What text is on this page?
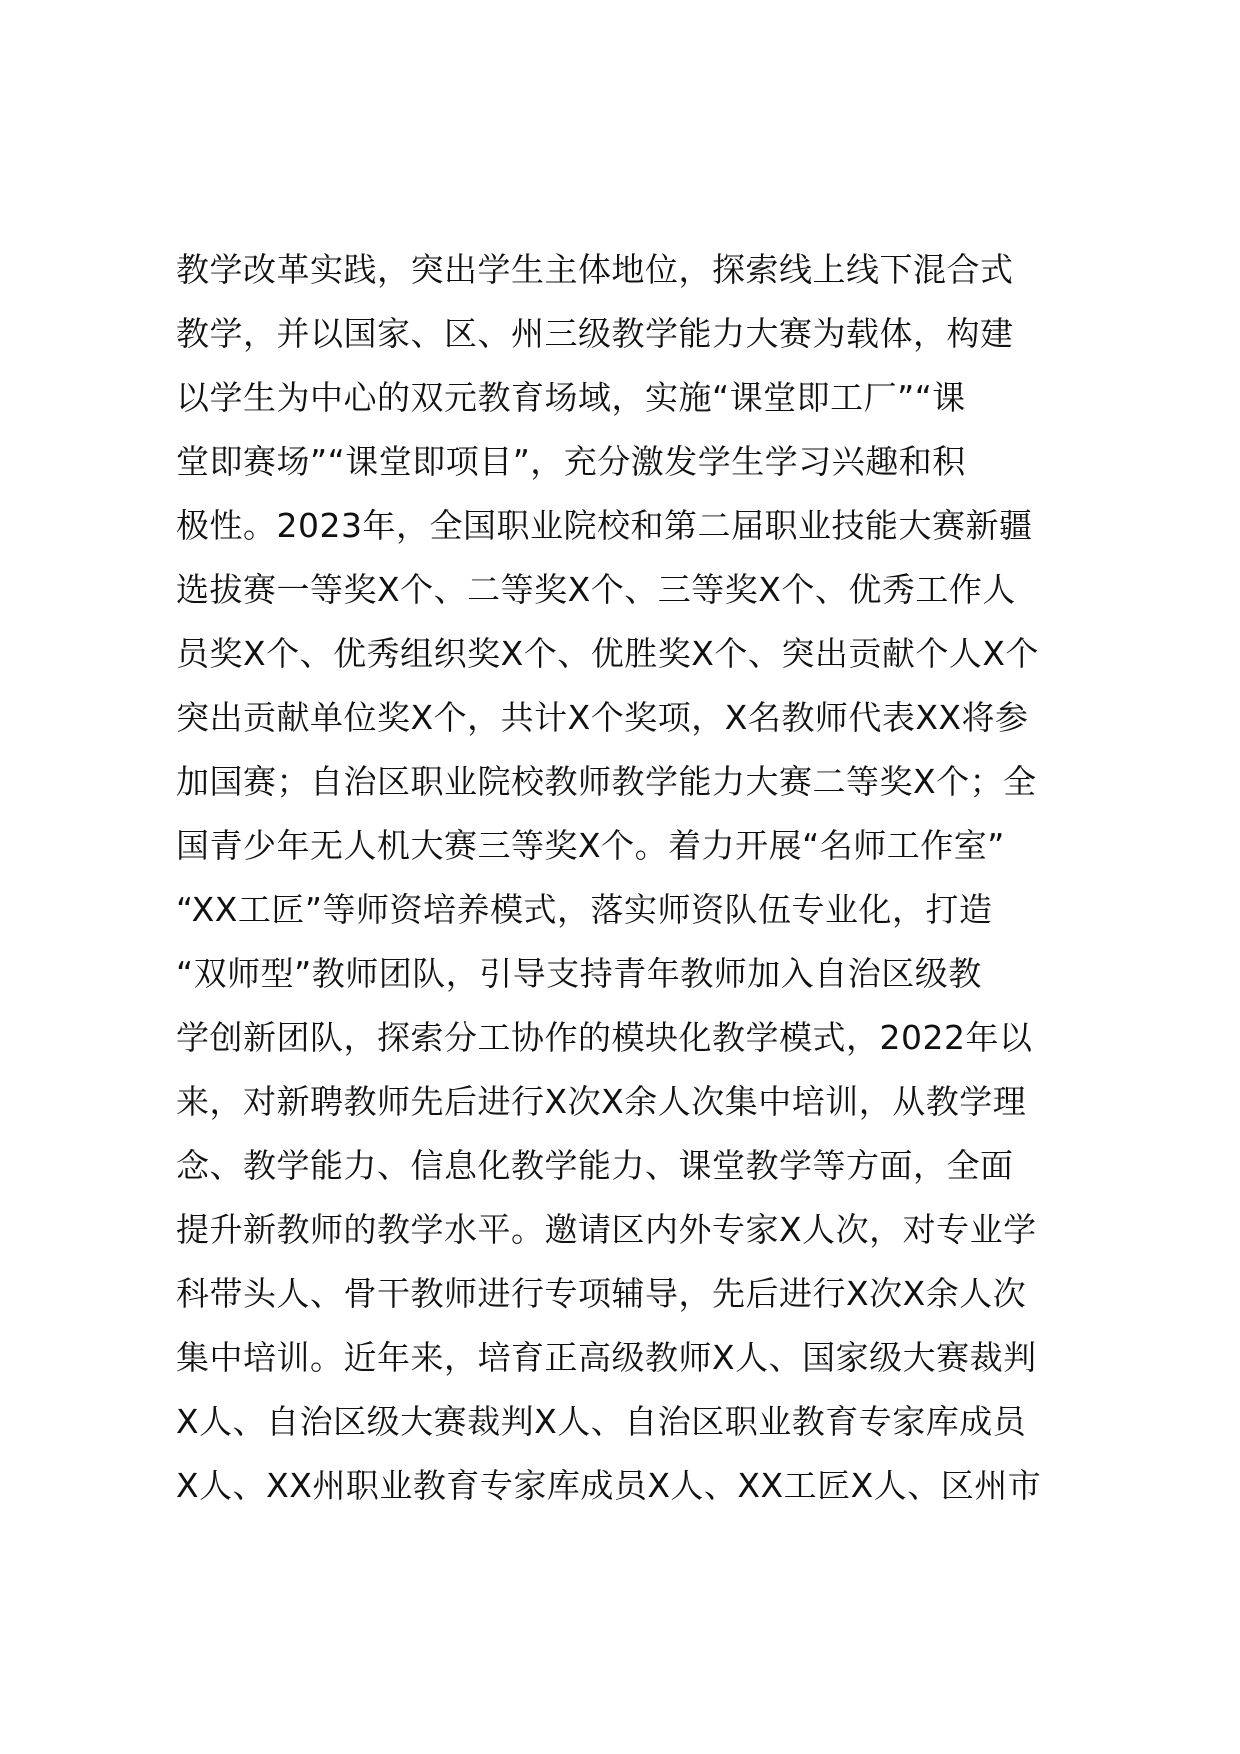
教学改革实践，突出学生主体地位，探索线上线下混合式
教学，并以国家、区、州三级教学能力大赛为载体，构建
以学生为中心的双元教育场域，实施“课堂即工厂”“课
堂即赛场”“课堂即项目”，充分激发学生学习兴趣和积
极性。2023年，全国职业院校和第二届职业技能大赛新疆
选拔赛一等奖X个、二等奖X个、三等奖X个、优秀工作人
员奖X个、优秀组织奖X个、优胜奖X个、突出贡献个人X个
突出贡献单位奖X个，共计X个奖项，X名教师代表XX将参
加国赛；自治区职业院校教师教学能力大赛二等奖X个；全
国青少年无人机大赛三等奖X个。着力开展“名师工作室”
“XX工匠”等师资培养模式，落实师资队伍专业化，打造
“双师型”教师团队，引导支持青年教师加入自治区级教
学创新团队，探索分工协作的模块化教学模式，2022年以
来，对新聘教师先后进行X次X余人次集中培训，从教学理
念、教学能力、信息化教学能力、课堂教学等方面，全面
提升新教师的教学水平。邀请区内外专家X人次，对专业学
科带头人、骨干教师进行专项辅导，先后进行X次X余人次
集中培训。近年来，培育正高级教师X人、国家级大赛裁判
X人、自治区级大赛裁判X人、自治区职业教育专家库成员
X人、XX州职业教育专家库成员X人、XX工匠X人、区州市
